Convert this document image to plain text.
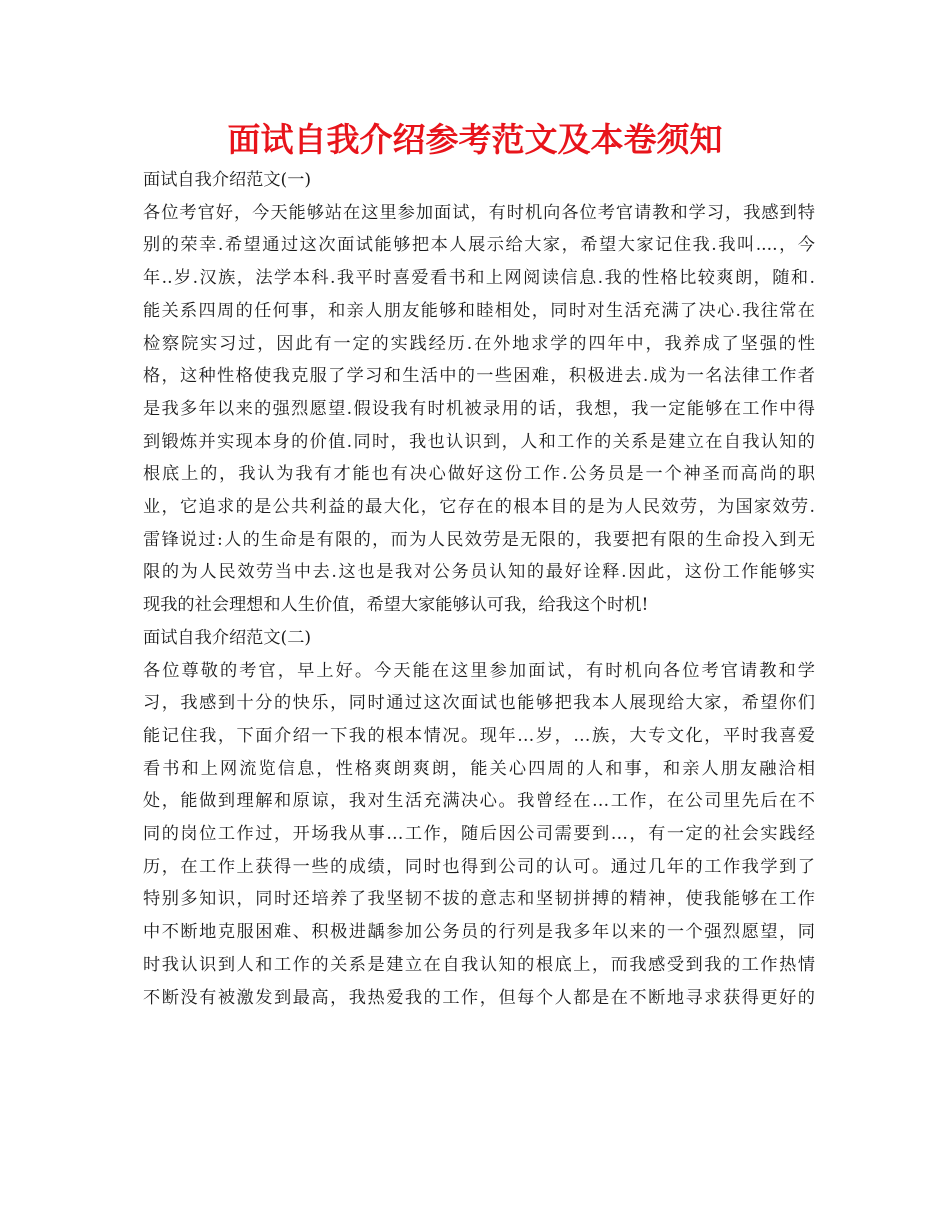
面试自我介绍参考范文及本卷须知

面试自我介绍范文(一)

各位考官好，今天能够站在这里参加面试，有时机向各位考官请教和学习，我感到特
别的荣幸.希望通过这次面试能够把本人展示给大家，希望大家记住我.我叫....，今
年..岁.汉族，法学本科.我平时喜爱看书和上网阅读信息.我的性格比较爽朗，随和.
能关系四周的任何事，和亲人朋友能够和睦相处，同时对生活充满了决心.我往常在
检察院实习过，因此有一定的实践经历.在外地求学的四年中，我养成了坚强的性
格，这种性格使我克服了学习和生活中的一些困难，积极进去.成为一名法律工作者
是我多年以来的强烈愿望.假设我有时机被录用的话，我想，我一定能够在工作中得
到锻炼并实现本身的价值.同时，我也认识到，人和工作的关系是建立在自我认知的
根底上的，我认为我有才能也有决心做好这份工作.公务员是一个神圣而高尚的职
业，它追求的是公共利益的最大化，它存在的根本目的是为人民效劳，为国家效劳.
雷锋说过:人的生命是有限的，而为人民效劳是无限的，我要把有限的生命投入到无
限的为人民效劳当中去.这也是我对公务员认知的最好诠释.因此，这份工作能够实
现我的社会理想和人生价值，希望大家能够认可我，给我这个时机!

面试自我介绍范文(二)

各位尊敬的考官，早上好。今天能在这里参加面试，有时机向各位考官请教和学
习，我感到十分的快乐，同时通过这次面试也能够把我本人展现给大家，希望你们
能记住我，下面介绍一下我的根本情况。现年…岁，…族，大专文化，平时我喜爱
看书和上网流览信息，性格爽朗爽朗，能关心四周的人和事，和亲人朋友融洽相
处，能做到理解和原谅，我对生活充满决心。我曾经在…工作，在公司里先后在不
同的岗位工作过，开场我从事…工作，随后因公司需要到…，有一定的社会实践经
历，在工作上获得一些的成绩，同时也得到公司的认可。通过几年的工作我学到了
特别多知识，同时还培养了我坚韧不拔的意志和坚韧拼搏的精神，使我能够在工作
中不断地克服困难、积极进龋参加公务员的行列是我多年以来的一个强烈愿望，同
时我认识到人和工作的关系是建立在自我认知的根底上，而我感受到我的工作热情
不断没有被激发到最高，我热爱我的工作，但每个人都是在不断地寻求获得更好的
